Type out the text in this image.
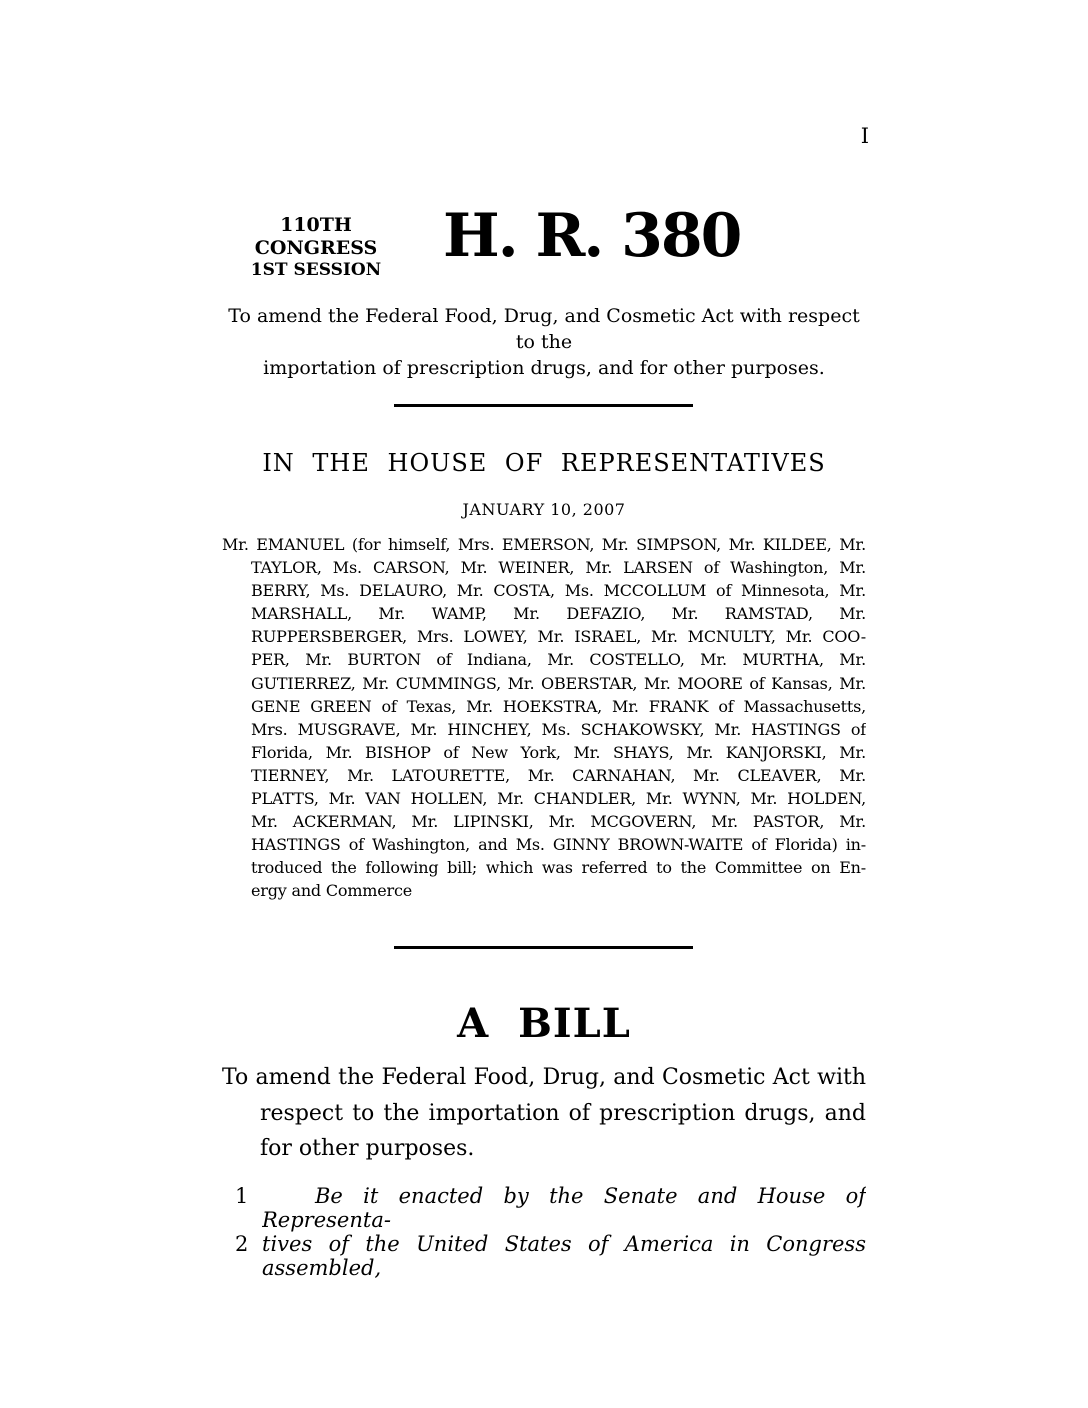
I
110TH CONGRESS
1ST SESSION	H. R. 380
To amend the Federal Food, Drug, and Cosmetic Act with respect to the
importation of prescription drugs, and for other purposes.
IN THE HOUSE OF REPRESENTATIVES
JANUARY 10, 2007
Mr. EMANUEL (for himself, Mrs. EMERSON, Mr. SIMPSON, Mr. KILDEE, Mr.
TAYLOR, Ms. CARSON, Mr. WEINER, Mr. LARSEN of Washington, Mr.
BERRY, Ms. DELAURO, Mr. COSTA, Ms. MCCOLLUM of Minnesota, Mr.
MARSHALL, Mr. WAMP, Mr. DEFAZIO, Mr. RAMSTAD, Mr.
RUPPERSBERGER, Mrs. LOWEY, Mr. ISRAEL, Mr. MCNULTY, Mr. COO-
PER, Mr. BURTON of Indiana, Mr. COSTELLO, Mr. MURTHA, Mr.
GUTIERREZ, Mr. CUMMINGS, Mr. OBERSTAR, Mr. MOORE of Kansas, Mr.
GENE GREEN of Texas, Mr. HOEKSTRA, Mr. FRANK of Massachusetts,
Mrs. MUSGRAVE, Mr. HINCHEY, Ms. SCHAKOWSKY, Mr. HASTINGS of
Florida, Mr. BISHOP of New York, Mr. SHAYS, Mr. KANJORSKI, Mr.
TIERNEY, Mr. LATOURETTE, Mr. CARNAHAN, Mr. CLEAVER, Mr.
PLATTS, Mr. VAN HOLLEN, Mr. CHANDLER, Mr. WYNN, Mr. HOLDEN,
Mr. ACKERMAN, Mr. LIPINSKI, Mr. MCGOVERN, Mr. PASTOR, Mr.
HASTINGS of Washington, and Ms. GINNY BROWN-WAITE of Florida) in-
troduced the following bill; which was referred to the Committee on En-
ergy and Commerce
A BILL
To amend the Federal Food, Drug, and Cosmetic Act with
respect to the importation of prescription drugs, and
for other purposes.
1	Be it enacted by the Senate and House of Representa-
2 tives of the United States of America in Congress assembled,
